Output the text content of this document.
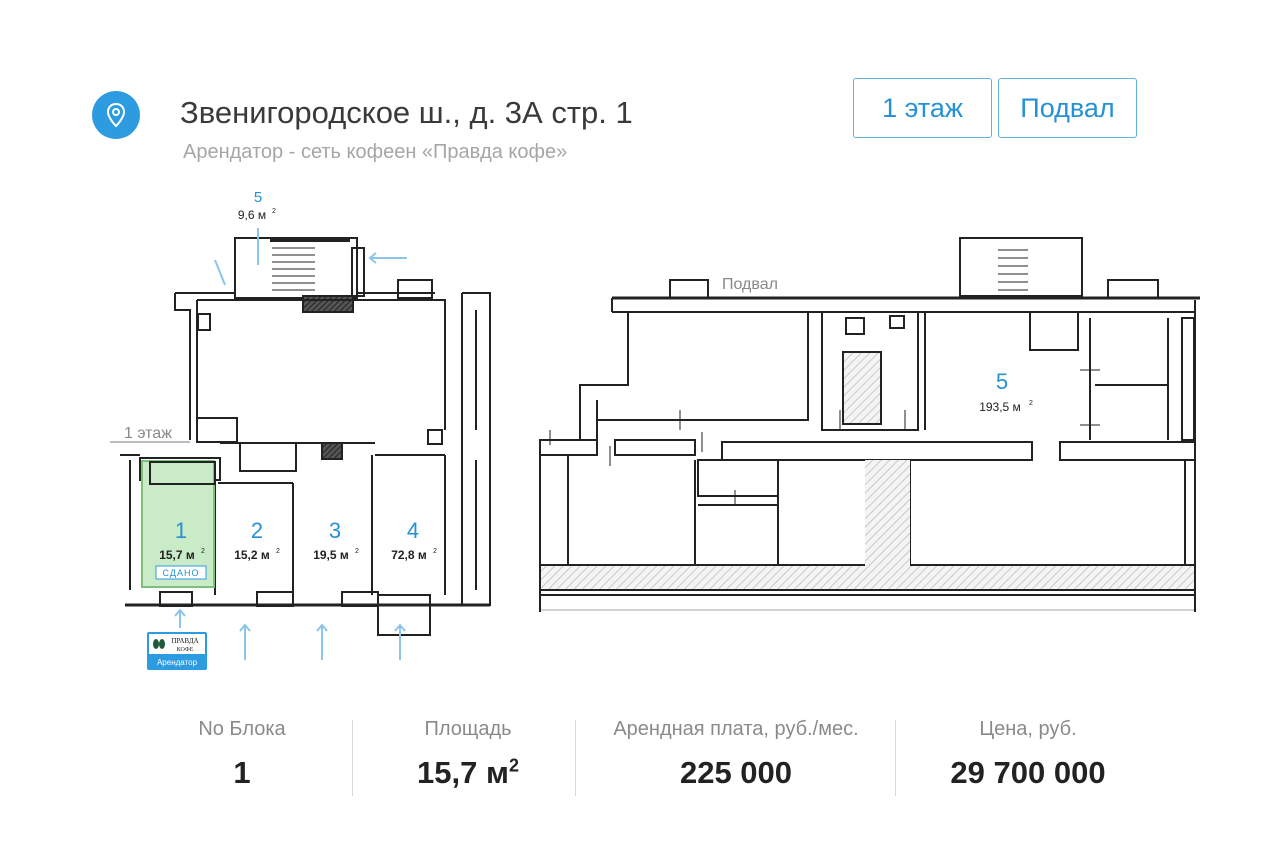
Звенигородское ш., д. 3А стр. 1
Арендатор - сеть кофеен «Правда кофе»
1 этаж	Подвал
5
9,6 м 2
1 этаж
1
15,7 м 2
СДАНО
2
15,2 м 2
3
19,5 м 2
4
72,8 м 2
ПРАВДА
КОФЕ
Арендатор
Подвал
5
193,5 м 2
No Блока
1
Площадь
15,7 $м^2$
Арендная плата, руб./мес.
225 000
Цена, руб.
29 700 000
